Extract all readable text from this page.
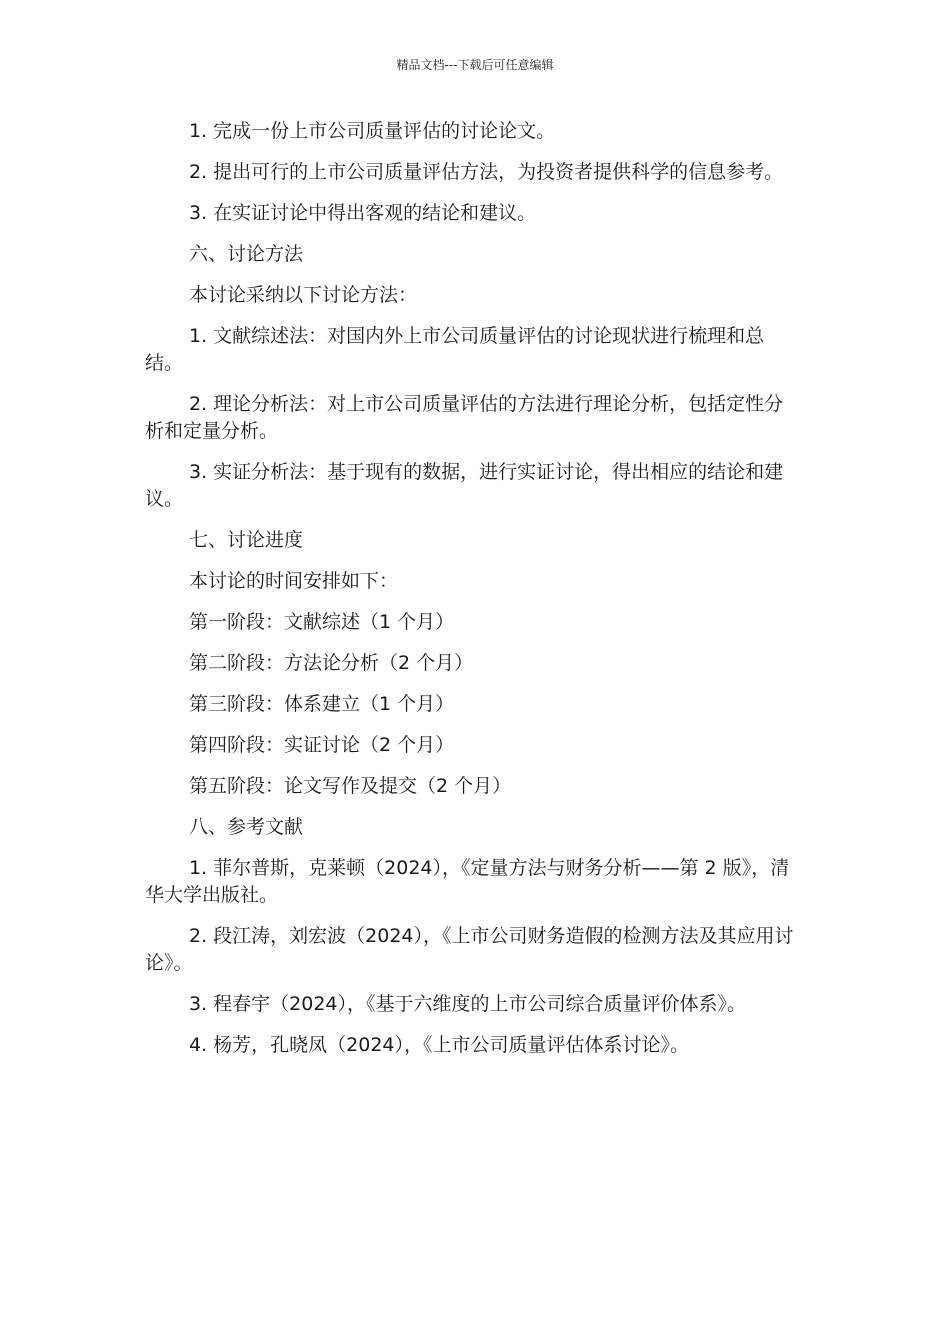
精品文档---下载后可任意编辑

1. 完成一份上市公司质量评估的讨论论文。

2. 提出可行的上市公司质量评估方法，为投资者提供科学的信息参考。

3. 在实证讨论中得出客观的结论和建议。

六、讨论方法

本讨论采纳以下讨论方法：

1. 文献综述法：对国内外上市公司质量评估的讨论现状进行梳理和总结。

2. 理论分析法：对上市公司质量评估的方法进行理论分析，包括定性分析和定量分析。

3. 实证分析法：基于现有的数据，进行实证讨论，得出相应的结论和建议。

七、讨论进度

本讨论的时间安排如下：

第一阶段：文献综述（1 个月）

第二阶段：方法论分析（2 个月）

第三阶段：体系建立（1 个月）

第四阶段：实证讨论（2 个月）

第五阶段：论文写作及提交（2 个月）

八、参考文献

1. 菲尔普斯，克莱顿（2024），《定量方法与财务分析——第 2 版》，清华大学出版社。

2. 段江涛，刘宏波（2024），《上市公司财务造假的检测方法及其应用讨论》。

3. 程春宇（2024），《基于六维度的上市公司综合质量评价体系》。

4. 杨芳，孔晓凤（2024），《上市公司质量评估体系讨论》。
